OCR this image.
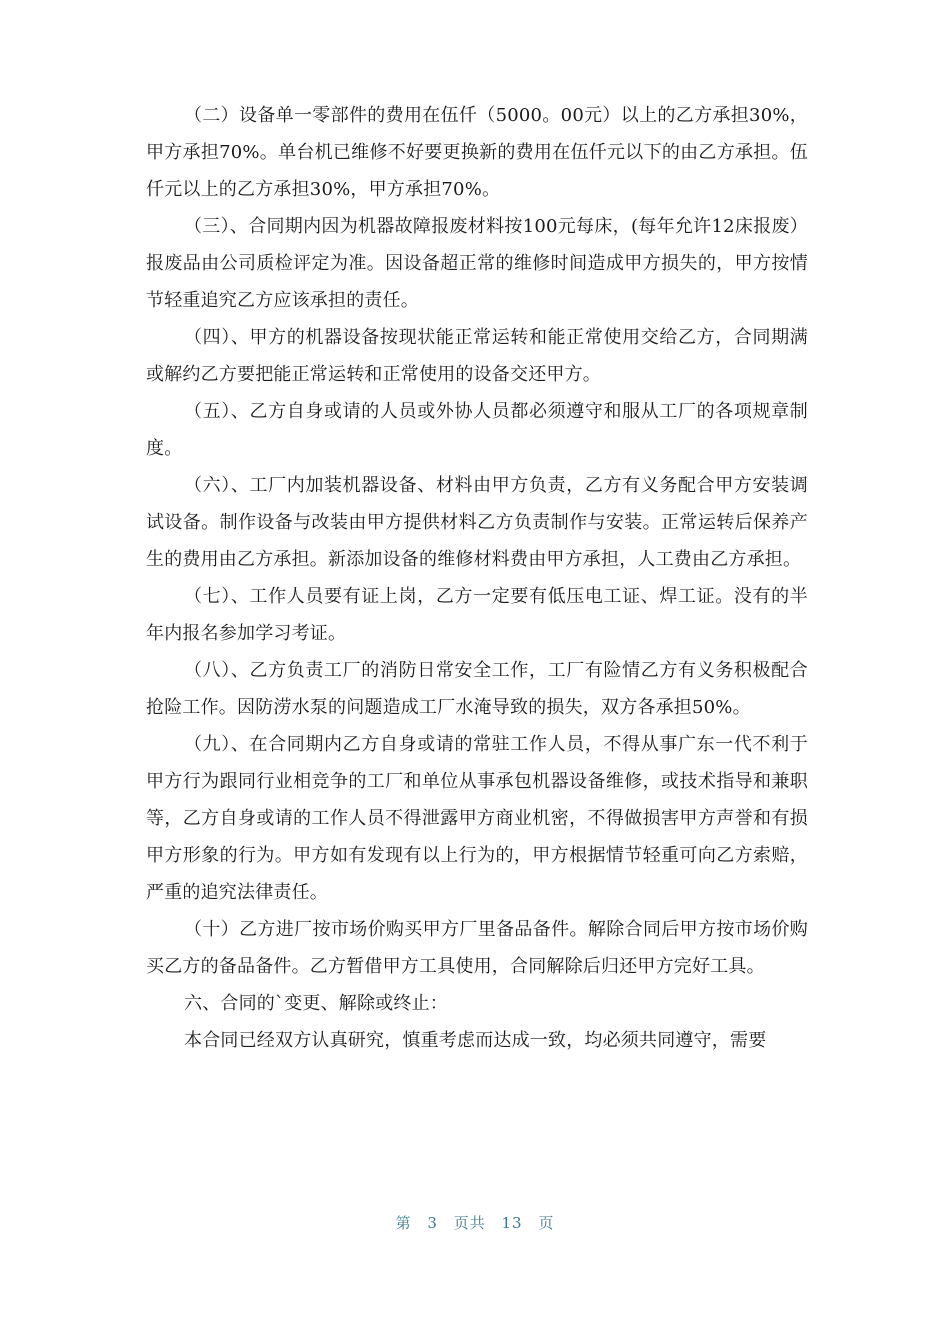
（二）设备单一零部件的费用在伍仟（5000。00元）以上的乙方承担30%，甲方承担70%。单台机已维修不好要更换新的费用在伍仟元以下的由乙方承担。伍仟元以上的乙方承担30%，甲方承担70%。

（三）、合同期内因为机器故障报废材料按100元每床，(每年允许12床报废）报废品由公司质检评定为准。因设备超正常的维修时间造成甲方损失的，甲方按情节轻重追究乙方应该承担的责任。

（四）、甲方的机器设备按现状能正常运转和能正常使用交给乙方，合同期满或解约乙方要把能正常运转和正常使用的设备交还甲方。

（五）、乙方自身或请的人员或外协人员都必须遵守和服从工厂的各项规章制度。

（六）、工厂内加装机器设备、材料由甲方负责，乙方有义务配合甲方安装调试设备。制作设备与改装由甲方提供材料乙方负责制作与安装。正常运转后保养产生的费用由乙方承担。新添加设备的维修材料费由甲方承担，人工费由乙方承担。

（七）、工作人员要有证上岗，乙方一定要有低压电工证、焊工证。没有的半年内报名参加学习考证。

（八）、乙方负责工厂的消防日常安全工作，工厂有险情乙方有义务积极配合抢险工作。因防涝水泵的问题造成工厂水淹导致的损失，双方各承担50%。

（九）、在合同期内乙方自身或请的常驻工作人员，不得从事广东一代不利于甲方行为跟同行业相竞争的工厂和单位从事承包机器设备维修，或技术指导和兼职等，乙方自身或请的工作人员不得泄露甲方商业机密，不得做损害甲方声誉和有损甲方形象的行为。甲方如有发现有以上行为的，甲方根据情节轻重可向乙方索赔，严重的追究法律责任。

（十）乙方进厂按市场价购买甲方厂里备品备件。解除合同后甲方按市场价购买乙方的备品备件。乙方暂借甲方工具使用，合同解除后归还甲方完好工具。

六、合同的`变更、解除或终止：

本合同已经双方认真研究，慎重考虑而达成一致，均必须共同遵守，需要

第 3 页共 13 页
